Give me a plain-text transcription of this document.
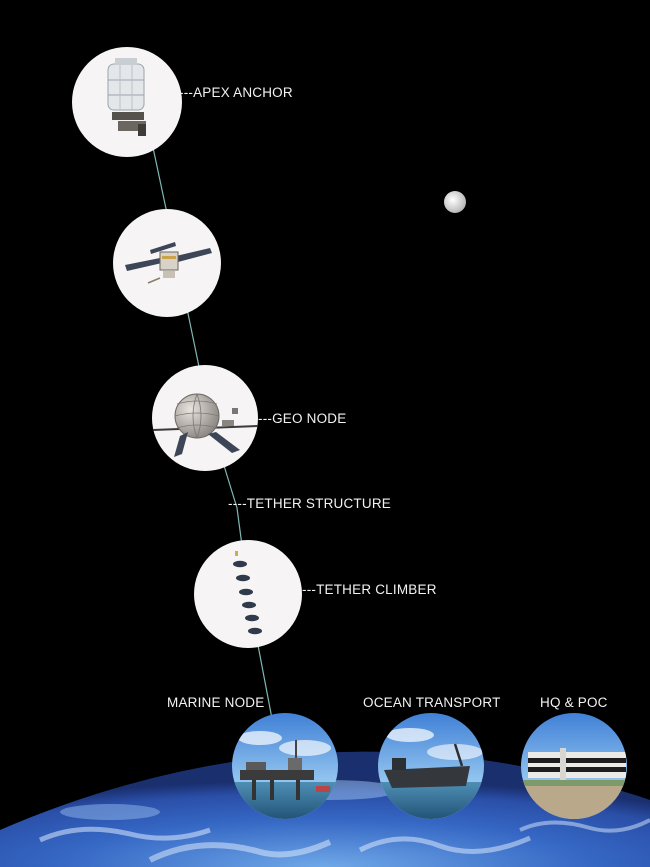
---APEX ANCHOR
---GEO NODE
----TETHER STRUCTURE
---TETHER CLIMBER
MARINE NODE	OCEAN TRANSPORT	HQ & POC
